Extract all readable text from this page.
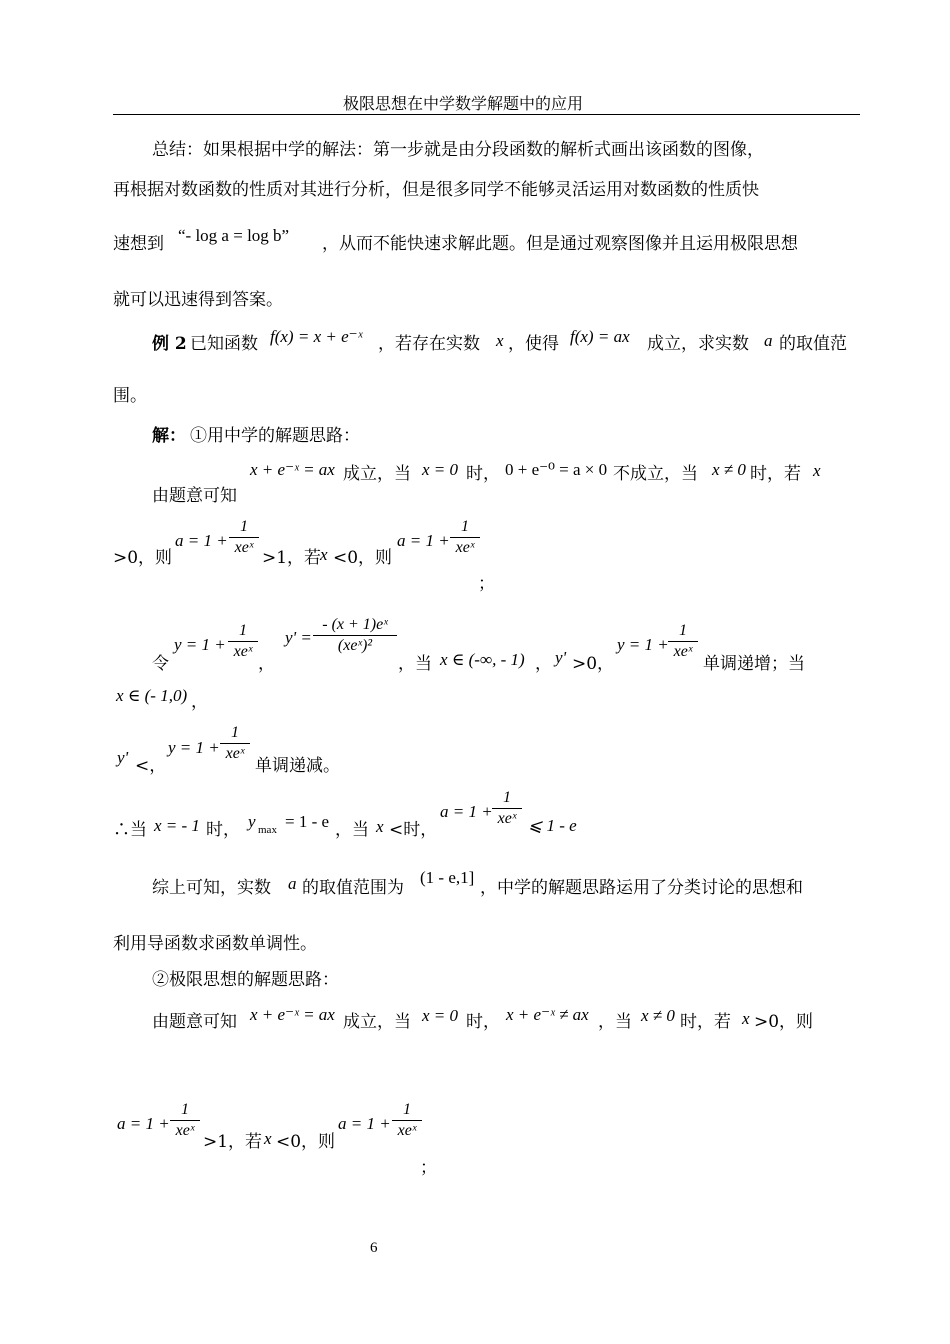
极限思想在中学数学解题中的应用
总结：如果根据中学的解法：第一步就是由分段函数的解析式画出该函数的图像，
再根据对数函数的性质对其进行分析，但是很多同学不能够灵活运用对数函数的性质快
速想到 “- log a = log b” ，从而不能快速求解此题。但是通过观察图像并且运用极限思想
就可以迅速得到答案。
例 2 已知函数 f(x) = x + e⁻ˣ ，若存在实数 x ，使得 f(x) = ax 成立，求实数 a 的取值范
围。
解： ①用中学的解题思路：
x + e⁻ˣ = ax 成立，当 x = 0 时， 0 + e⁻⁰ = a × 0 不成立，当 x ≠ 0 时，若 x
由题意可知
>0，则
a = 1 +
1
xeˣ
>1，若
x <0，则
a = 1 +
1
xeˣ
；
令
y = 1 +
1
xeˣ
，
y' =
- (x + 1)eˣ
(xeˣ)²
，当 x ∈ (-∞, - 1) ， y' >0，
y = 1 +
1
xeˣ
单调递增；当
x ∈ (- 1,0) ，
y' <，
y = 1 +
1
xeˣ
单调递减。
∴当 x = - 1 时， y max = 1 - e ，当 x <时，
a = 1 +
1
xeˣ ⩽ 1 - e
综上可知，实数 a 的取值范围为
(1 - e,1]
，中学的解题思路运用了分类讨论的思想和
利用导函数求函数单调性。
②极限思想的解题思路：
由题意可知 x + e⁻ˣ = ax 成立，当 x = 0 时， x + e⁻ˣ ≠ ax ，当 x ≠ 0 时，若 x >0，则
a = 1 +
1
xeˣ
>1，若 x <0，则
a = 1 +
1
xeˣ
；
6
